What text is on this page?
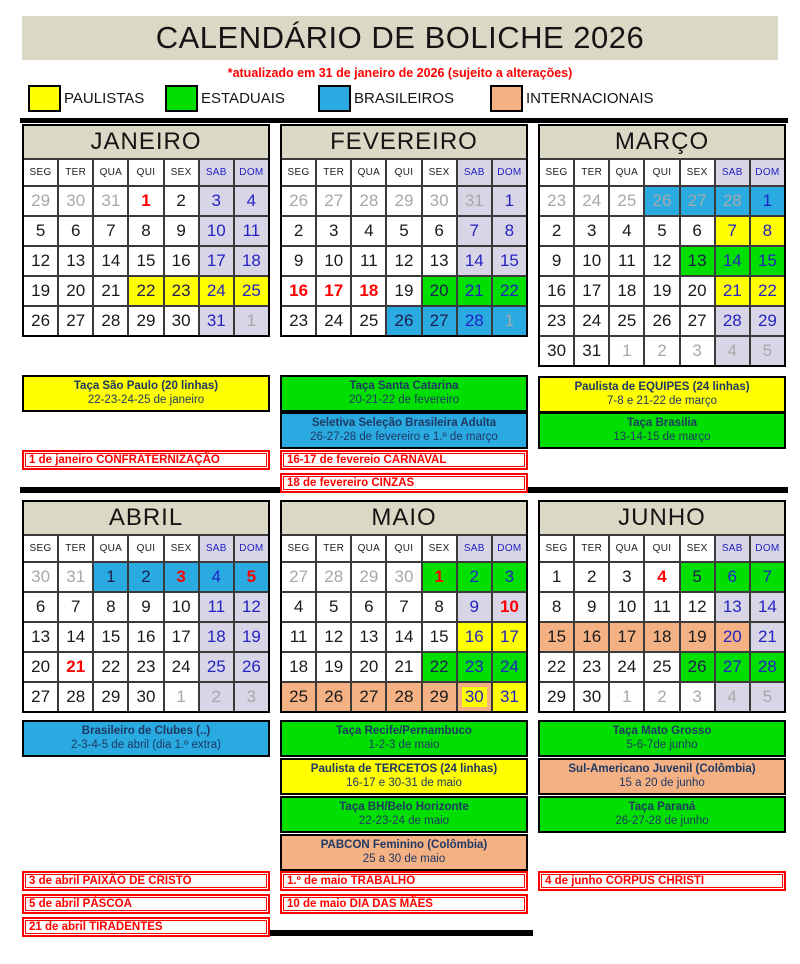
CALENDÁRIO DE BOLICHE 2026
*atualizado em 31 de janeiro de 2026 (sujeito a alterações)
PAULISTAS	ESTADUAIS	BRASILEIROS	INTERNACIONAIS
JANEIRO
SEG	TER	QUA	QUI	SEX	SAB	DOM
29 30 31	1	2	3	4
5	6	7	8	9	10 11
12 13 14 15 16 17 18
19 20 21 22 23 24 25
26 27 28 29 30 31	1
FEVEREIRO
SEG	TER	QUA	QUI	SEX	SAB	DOM
26 27 28 29 30 31	1
2	3	4	5	6	7	8
9	10 11 12 13 14 15
16 17 18 19 20 21 22
23 24 25 26 27 28	1
MARÇO
SEG	TER	QUA	QUI	SEX	SAB	DOM
23 24 25 26 27 28	1
2	3	4	5	6	7	8
9	10 11 12 13 14 15
16 17 18 19 20 21 22
23 24 25 26 27 28 29
30 31	1	2	3	4	5
ABRIL
SEG	TER	QUA	QUI	SEX	SAB	DOM
30 31	1	2	3	4	5
6	7	8	9	10 11 12
13 14 15 16 17 18 19
20 21 22 23 24 25 26
27 28 29 30	1	2	3
MAIO
SEG	TER	QUA	QUI	SEX	SAB	DOM
27 28 29 30	1	2	3
4	5	6	7	8	9	10
11 12 13 14 15 16 17
18 19 20 21 22 23 24
25 26 27 28 29 30 31
JUNHO
SEG	TER	QUA	QUI	SEX	SAB	DOM
1	2	3	4	5	6	7
8	9	10 11 12 13 14
15 16 17 18 19 20 21
22 23 24 25 26 27 28
29 30	1	2	3	4	5
Taça São Paulo (20 linhas)
22-23-24-25 de janeiro
Taça Santa Catarina
20-21-22 de fevereiro
Seletiva Seleção Brasileira Adulta
26-27-28 de fevereiro e 1.º de março
Paulista de EQUIPES (24 linhas)
7-8 e 21-22 de março
Taça Brasilia
13-14-15 de março
Brasileiro de Clubes (..)
2-3-4-5 de abril (dia 1.º extra)
Taça Recife/Pernambuco
1-2-3 de maio
Paulista de TERCETOS (24 linhas)
16-17 e 30-31 de maio
Taça BH/Belo Horizonte
22-23-24 de maio
PABCON Feminino (Colômbia)
25 a 30 de maio
Taça Mato Grosso
5-6-7de junho
Sul-Americano Juvenil (Colômbia)
15 a 20 de junho
Taça Paraná
26-27-28 de junho
1 de janeiro CONFRATERNIZAÇÃO	16-17 de fevereio CARNAVAL
18 de fevereiro CINZAS
3 de abril PAIXÃO DE CRISTO
5 de abril PÁSCOA
21 de abril TIRADENTES
1.º de maio TRABALHO
10 de maio DIA DAS MÃES
4 de junho CORPUS CHRISTI
